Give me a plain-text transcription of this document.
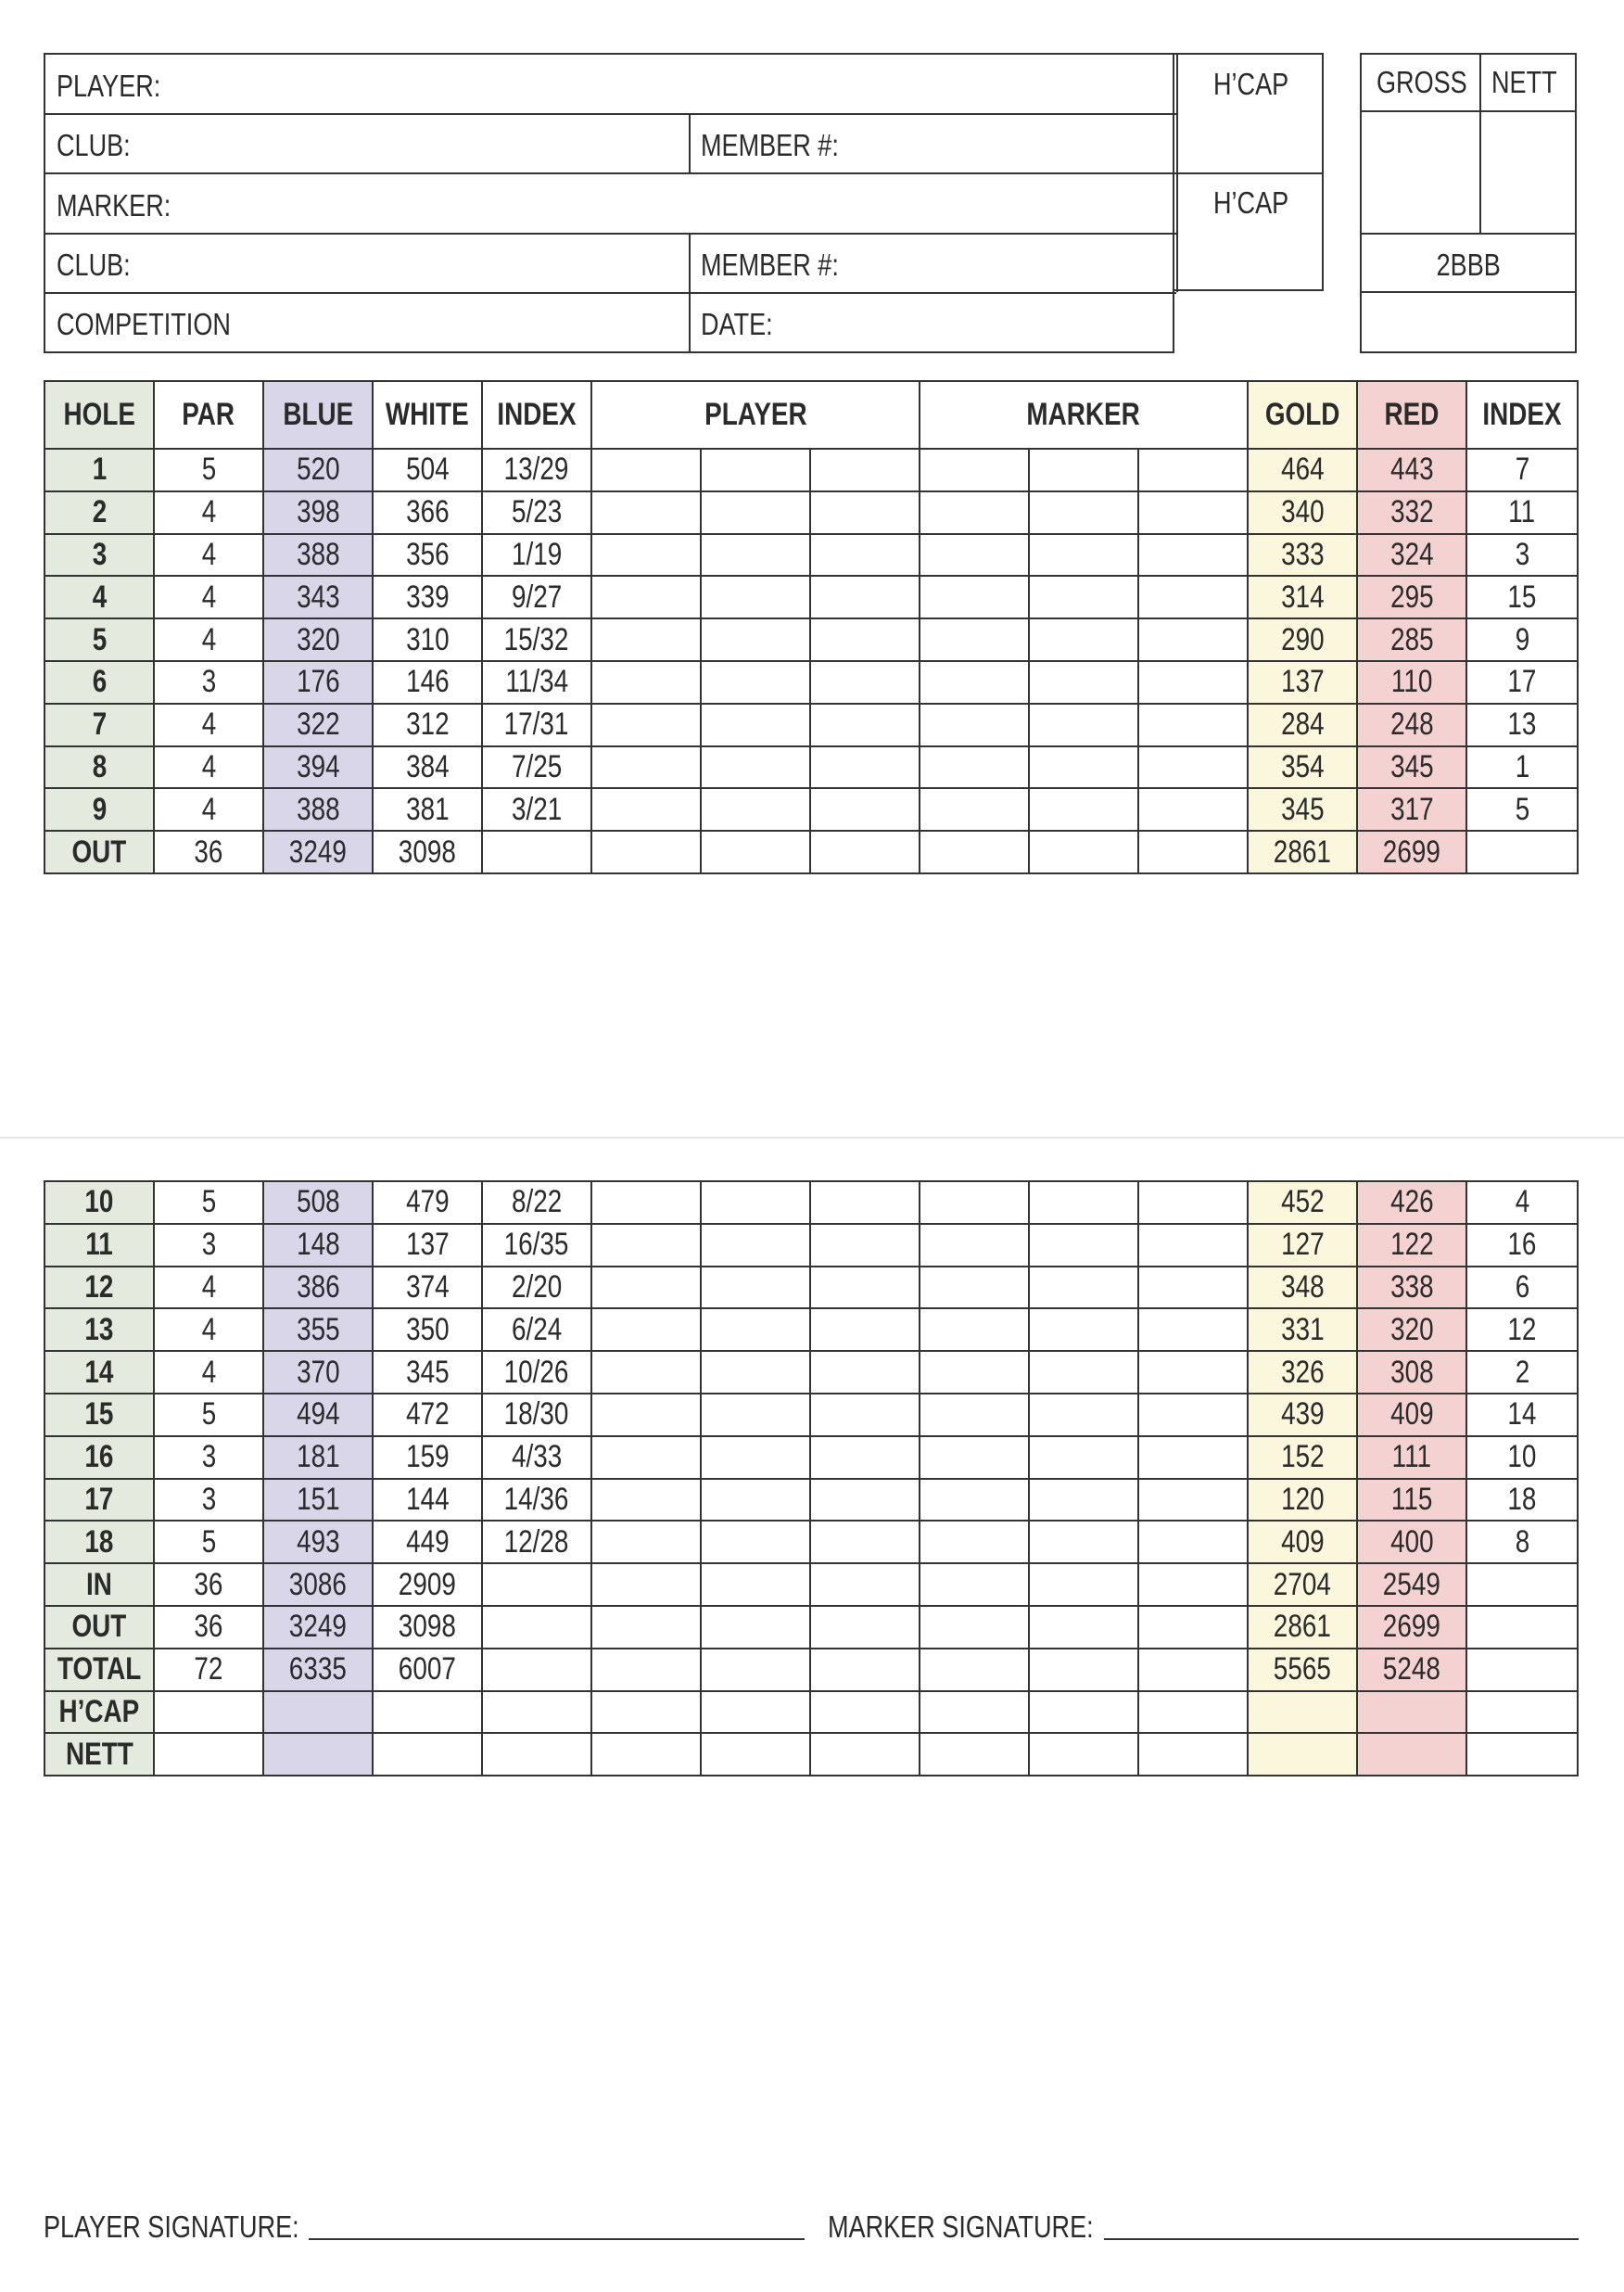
PLAYER:
CLUB:	MEMBER #:
MARKER:
CLUB:	MEMBER #:
COMPETITION	DATE:
H’CAP
H’CAP
GROSS NETT
2BBB
HOLE	PAR	BLUE	WHITE	INDEX	PLAYER			MARKER			GOLD	RED	INDEX
1	5	520	504	13/29							464	443	7
2	4	398	366	5/23							340	332	11
3	4	388	356	1/19							333	324	3
4	4	343	339	9/27							314	295	15
5	4	320	310	15/32							290	285	9
6	3	176	146	11/34							137	110	17
7	4	322	312	17/31							284	248	13
8	4	394	384	7/25							354	345	1
9	4	388	381	3/21							345	317	5
OUT	36	3249	3098								2861	2699	
10	5	508	479	8/22							452	426	4
11	3	148	137	16/35							127	122	16
12	4	386	374	2/20							348	338	6
13	4	355	350	6/24							331	320	12
14	4	370	345	10/26							326	308	2
15	5	494	472	18/30							439	409	14
16	3	181	159	4/33							152	111	10
17	3	151	144	14/36							120	115	18
18	5	493	449	12/28							409	400	8
IN	36	3086	2909								2704	2549	
OUT	36	3249	3098								2861	2699	
TOTAL	72	6335	6007								5565	5248	
H’CAP													
NETT													
PLAYER SIGNATURE:	MARKER SIGNATURE:
